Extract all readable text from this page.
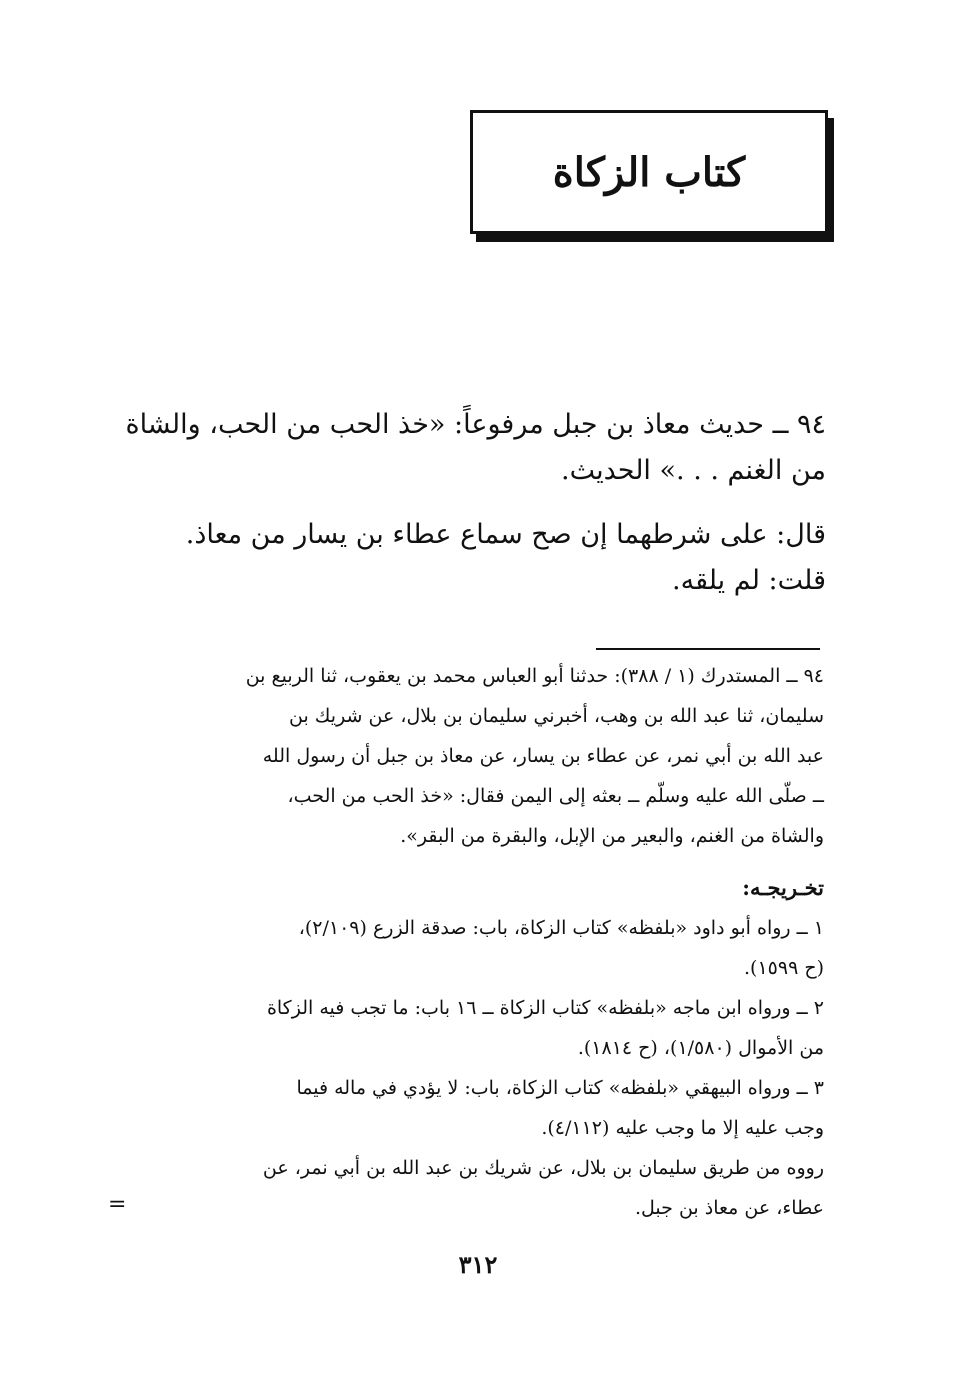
كتاب الزكاة

٩٤ ــ حديث معاذ بن جبل مرفوعاً: «خذ الحب من الحب، والشاة

من الغنم . . .» الحديث.

قال: على شرطهما إن صح سماع عطاء بن يسار من معاذ.

قلت: لم يلقه.

٩٤ ــ المستدرك (١ / ٣٨٨): حدثنا أبو العباس محمد بن يعقوب، ثنا الربيع بن

سليمان، ثنا عبد الله بن وهب، أخبرني سليمان بن بلال، عن شريك بن

عبد الله بن أبي نمر، عن عطاء بن يسار، عن معاذ بن جبل أن رسول الله

ــ صلّى الله عليه وسلّم ــ بعثه إلى اليمن فقال: «خذ الحب من الحب،

والشاة من الغنم، والبعير من الإبل، والبقرة من البقر».

تخـريجـه:

١ ــ رواه أبو داود «بلفظه» كتاب الزكاة، باب: صدقة الزرع (٢/١٠٩)،

(ح ١٥٩٩).

٢ ــ ورواه ابن ماجه «بلفظه» كتاب الزكاة ــ ١٦ باب: ما تجب فيه الزكاة

من الأموال (١/٥٨٠)، (ح ١٨١٤).

٣ ــ ورواه البيهقي «بلفظه» كتاب الزكاة، باب: لا يؤدي في ماله فيما

وجب عليه إلا ما وجب عليه (٤/١١٢).

رووه من طريق سليمان بن بلال، عن شريك بن عبد الله بن أبي نمر، عن

عطاء، عن معاذ بن جبل.

=
٣١٢
